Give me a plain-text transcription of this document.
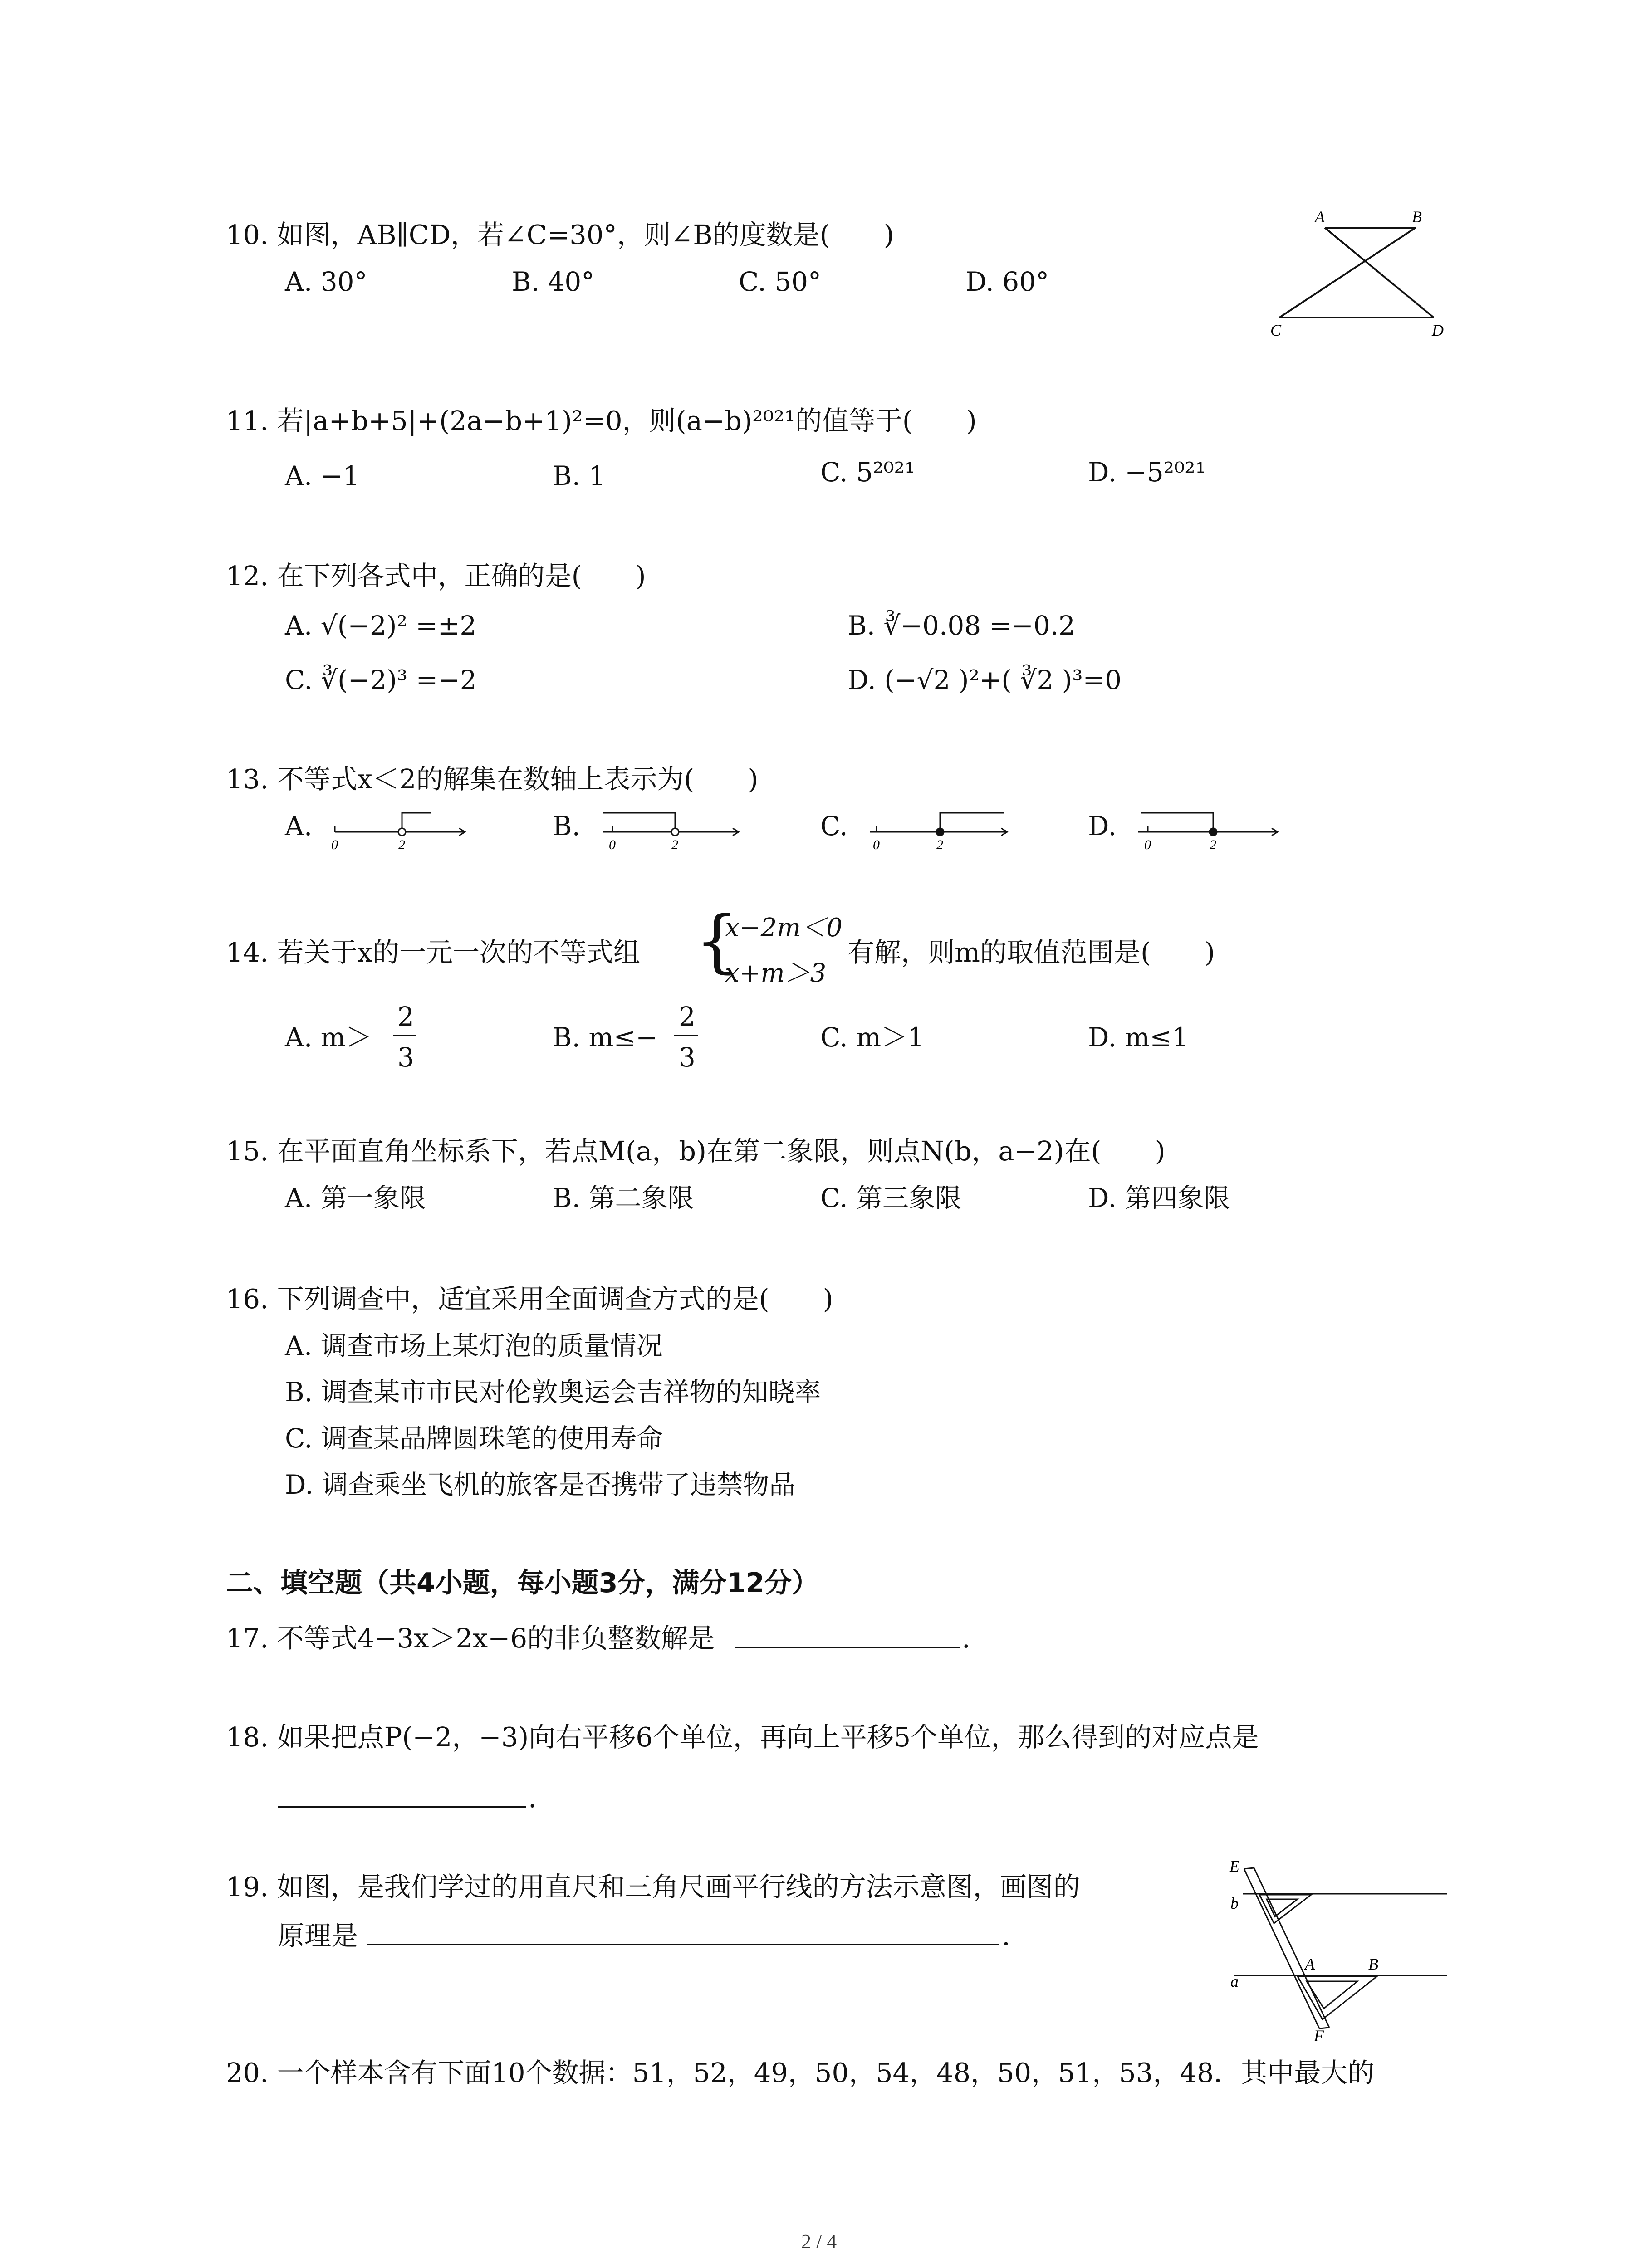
10. 如图，AB∥CD，若∠C=30°，则∠B的度数是(　　)
A. 30°	B. 40°	C. 50°	D. 60°
A	B
C	D
11. 若|a+b+5|+(2a−b+1)²=0，则(a−b)²⁰²¹的值等于(　　)
A. −1	B. 1	C. 5²⁰²¹	D. −5²⁰²¹
12. 在下列各式中，正确的是(　　)
A. √(−2)² =±2	B. ∛−0.08 =−0.2
C. ∛(−2)³ =−2	D. (−√2 )²+( ∛2 )³=0
13. 不等式x＜2的解集在数轴上表示为(　　)
A.
0	2
B.
0	2
C.
0	2
D.
0	2
14. 若关于x的一元一次的不等式组 {
x−2m＜0
x+m＞3
有解，则m的取值范围是(　　)
A. m＞
2
3
B. m≤−
2
3
C. m＞1	D. m≤1
15. 在平面直角坐标系下，若点M(a，b)在第二象限，则点N(b，a−2)在(　　)
A. 第一象限	B. 第二象限	C. 第三象限	D. 第四象限
16. 下列调查中，适宜采用全面调查方式的是(　　)
A. 调查市场上某灯泡的质量情况
B. 调查某市市民对伦敦奥运会吉祥物的知晓率
C. 调查某品牌圆珠笔的使用寿命
D. 调查乘坐飞机的旅客是否携带了违禁物品
二、填空题（共4小题，每小题3分，满分12分）
17. 不等式4−3x＞2x−6的非负整数解是	.
18. 如果把点P(−2，−3)向右平移6个单位，再向上平移5个单位，那么得到的对应点是
.
19. 如图，是我们学过的用直尺和三角尺画平行线的方法示意图，画图的
原理是	.
E
b
a
A	B
F
20. 一个样本含有下面10个数据：51，52，49，50，54，48，50，51，53，48．其中最大的
2 / 4
